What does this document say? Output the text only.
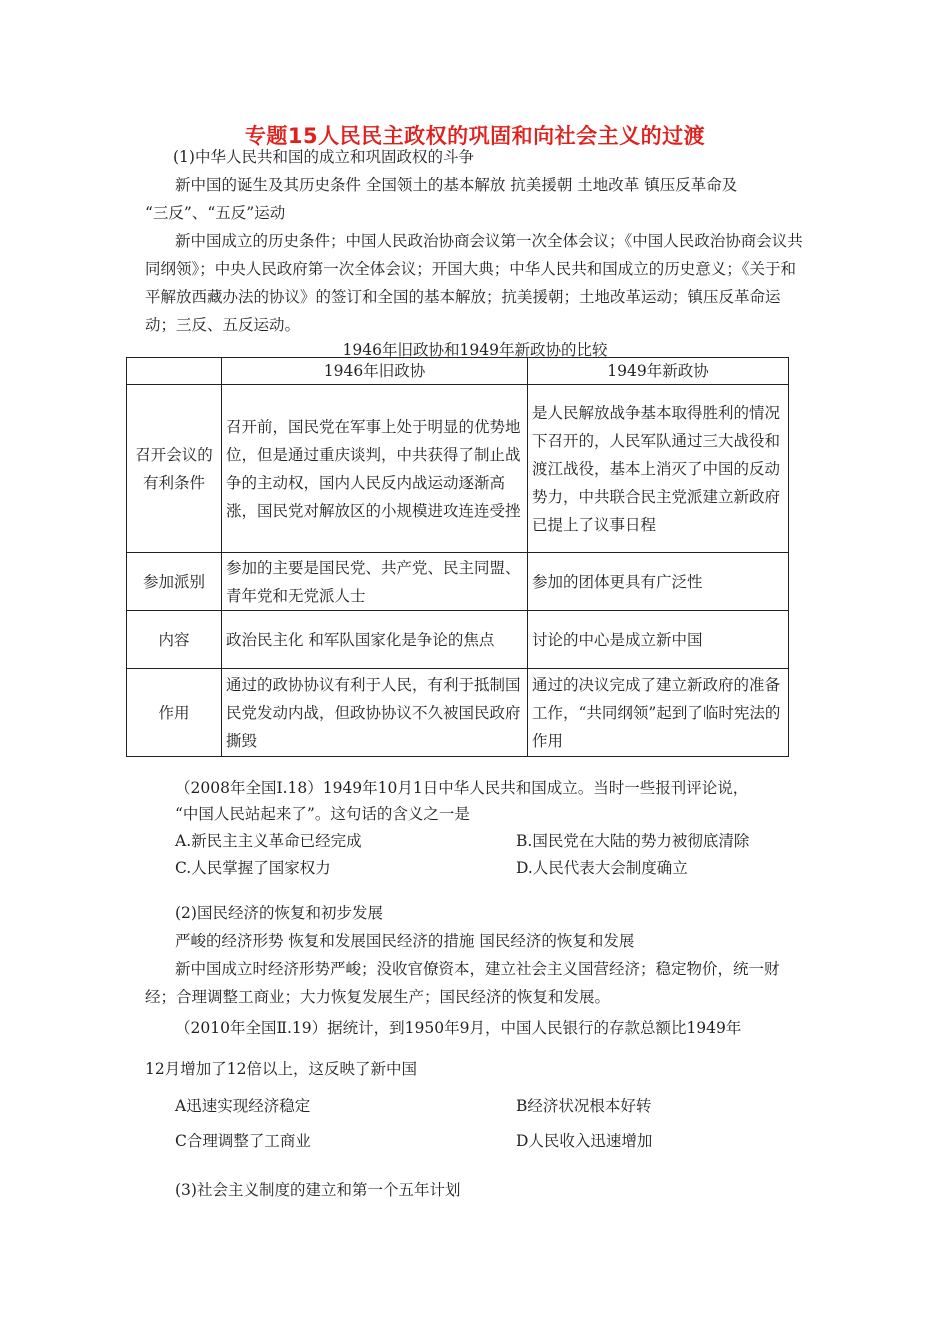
专题15人民民主政权的巩固和向社会主义的过渡
(1)中华人民共和国的成立和巩固政权的斗争
新中国的诞生及其历史条件 全国领土的基本解放 抗美援朝 土地改革 镇压反革命及
“三反”、“五反”运动
新中国成立的历史条件；中国人民政治协商会议第一次全体会议；《中国人民政治协商会议共同纲领》；中央人民政府第一次全体会议；开国大典；中华人民共和国成立的历史意义；《关于和平解放西藏办法的协议》的签订和全国的基本解放；抗美援朝；土地改革运动；镇压反革命运动；三反、五反运动。
1946年旧政协和1949年新政协的比较
	1946年旧政协	1949年新政协
召开会议的有利条件	召开前，国民党在军事上处于明显的优势地位，但是通过重庆谈判，中共获得了制止战争的主动权，国内人民反内战运动逐渐高涨，国民党对解放区的小规模进攻连连受挫	是人民解放战争基本取得胜利的情况下召开的，人民军队通过三大战役和渡江战役，基本上消灭了中国的反动势力，中共联合民主党派建立新政府已提上了议事日程
参加派别	参加的主要是国民党、共产党、民主同盟、青年党和无党派人士	参加的团体更具有广泛性
内容	政治民主化 和军队国家化是争论的焦点	讨论的中心是成立新中国
作用	通过的政协协议有利于人民，有利于抵制国民党发动内战，但政协协议不久被国民政府撕毁	通过的决议完成了建立新政府的准备工作，“共同纲领”起到了临时宪法的作用
（2008年全国Ⅰ.18）1949年10月1日中华人民共和国成立。当时一些报刊评论说，
“中国人民站起来了”。这句话的含义之一是
A.新民主主义革命已经完成	B.国民党在大陆的势力被彻底清除
C.人民掌握了国家权力	D.人民代表大会制度确立
(2)国民经济的恢复和初步发展
严峻的经济形势 恢复和发展国民经济的措施 国民经济的恢复和发展
新中国成立时经济形势严峻；没收官僚资本，建立社会主义国营经济；稳定物价，统一财经；合理调整工商业；大力恢复发展生产；国民经济的恢复和发展。
（2010年全国Ⅱ.19）据统计，到1950年9月，中国人民银行的存款总额比1949年
12月增加了12倍以上，这反映了新中国
A迅速实现经济稳定	B经济状况根本好转
C合理调整了工商业	D人民收入迅速增加
(3)社会主义制度的建立和第一个五年计划
